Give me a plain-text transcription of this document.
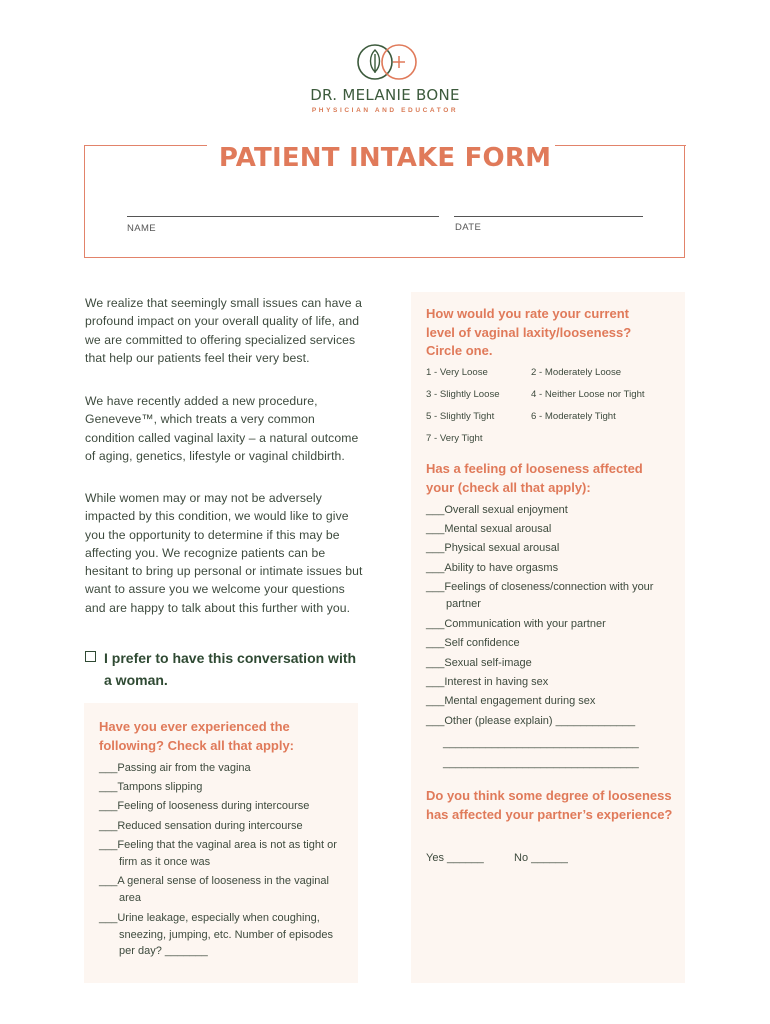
DR. MELANIE BONE
PHYSICIAN AND EDUCATOR
PATIENT INTAKE FORM
NAME	DATE
We realize that seemingly small issues can have a profound impact on your overall quality of life, and we are committed to offering specialized services that help our patients feel their very best.
We have recently added a new procedure, Geneveve™, which treats a very common condition called vaginal laxity – a natural outcome of aging, genetics, lifestyle or vaginal childbirth.
While women may or may not be adversely impacted by this condition, we would like to give you the opportunity to determine if this may be affecting you. We recognize patients can be hesitant to bring up personal or intimate issues but want to assure you we welcome your questions and are happy to talk about this further with you.
I prefer to have this conversation with a woman.
Have you ever experienced the following? Check all that apply:
___Passing air from the vagina
___Tampons slipping
___Feeling of looseness during intercourse
___Reduced sensation during intercourse
___Feeling that the vaginal area is not as tight or firm as it once was
___A general sense of looseness in the vaginal area
___Urine leakage, especially when coughing, sneezing, jumping, etc. Number of episodes per day? _______
How would you rate your current level of vaginal laxity/looseness? Circle one.
1 - Very Loose	2 - Moderately Loose
3 - Slightly Loose	4 - Neither Loose nor Tight
5 - Slightly Tight	6 - Moderately Tight
7 - Very Tight
Has a feeling of looseness affected your (check all that apply):
___Overall sexual enjoyment
___Mental sexual arousal
___Physical sexual arousal
___Ability to have orgasms
___Feelings of closeness/connection with your partner
___Communication with your partner
___Self confidence
___Sexual self-image
___Interest in having sex
___Mental engagement during sex
___Other (please explain) _____________
________________________________
________________________________
Do you think some degree of looseness has affected your partner’s experience?
Yes ______	No ______
